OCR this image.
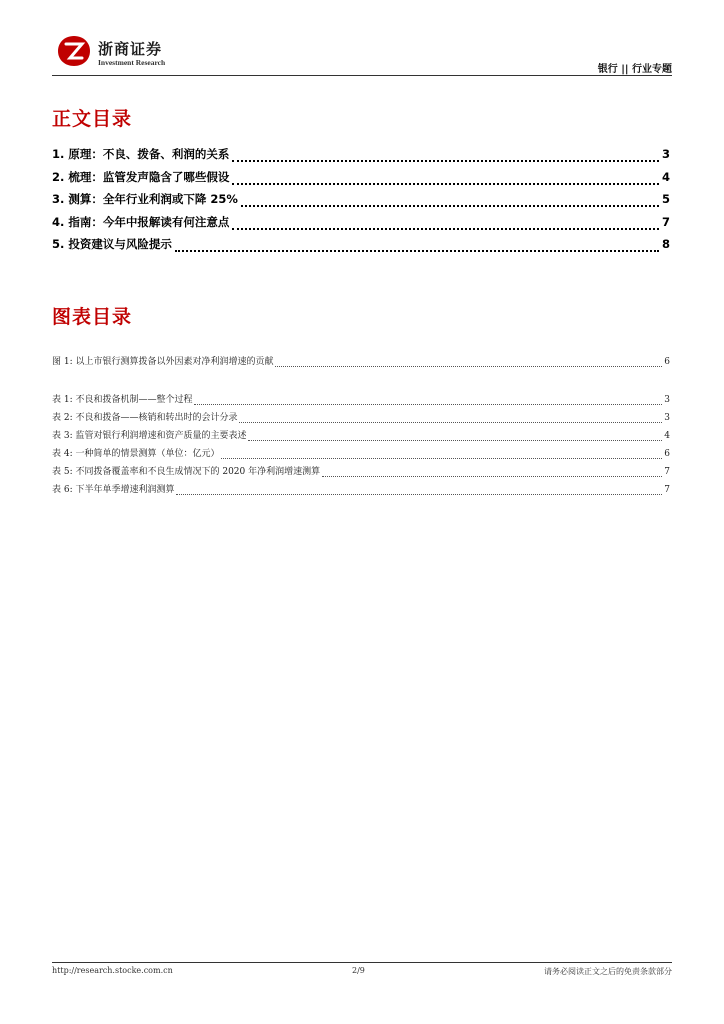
浙商证券
Investment Research
银行 || 行业专题
正文目录
1. 原理：不良、拨备、利润的关系	3
2. 梳理：监管发声隐含了哪些假设	4
3. 测算：全年行业利润或下降 25%	5
4. 指南：今年中报解读有何注意点	7
5. 投资建议与风险提示	8
图表目录
图 1: 以上市银行测算拨备以外因素对净利润增速的贡献	6
表 1: 不良和拨备机制——整个过程	3
表 2: 不良和拨备——核销和转出时的会计分录	3
表 3: 监管对银行利润增速和资产质量的主要表述	4
表 4: 一种简单的情景测算（单位：亿元）	6
表 5: 不同拨备覆盖率和不良生成情况下的 2020 年净利润增速测算	7
表 6: 下半年单季增速利润测算	7
http://research.stocke.com.cn	2/9	请务必阅读正文之后的免责条款部分
